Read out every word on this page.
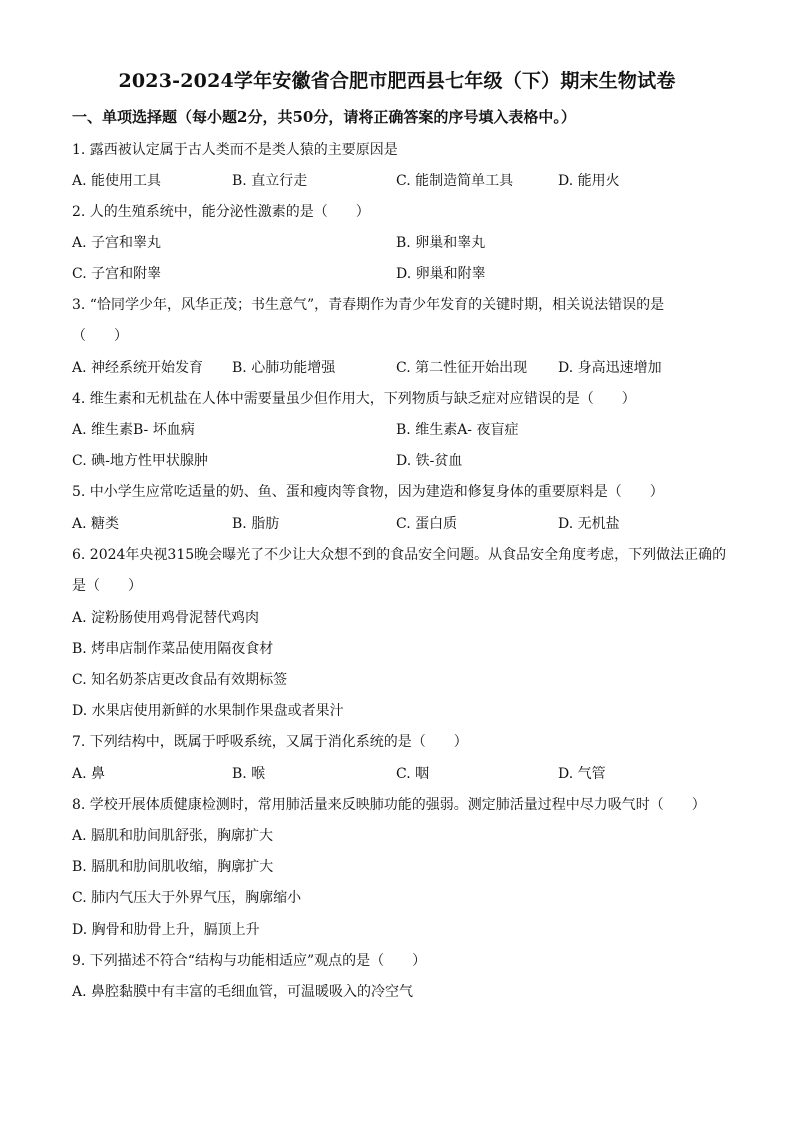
2023-2024学年安徽省合肥市肥西县七年级（下）期末生物试卷
一、单项选择题（每小题2分，共50分，请将正确答案的序号填入表格中。）
1. 露西被认定属于古人类而不是类人猿的主要原因是
A. 能使用工具	B. 直立行走	C. 能制造简单工具	D. 能用火
2. 人的生殖系统中，能分泌性激素的是（　　）
A. 子宫和睾丸	B. 卵巢和睾丸
C. 子宫和附睾	D. 卵巢和附睾
3. “恰同学少年，风华正茂；书生意气”，青春期作为青少年发育的关键时期，相关说法错误的是
（　　）
A. 神经系统开始发育 B. 心肺功能增强	C. 第二性征开始出现 D. 身高迅速增加
4. 维生素和无机盐在人体中需要量虽少但作用大，下列物质与缺乏症对应错误的是（　　）
A. 维生素B- 坏血病	B. 维生素A- 夜盲症
C. 碘-地方性甲状腺肿	D. 铁-贫血
5. 中小学生应常吃适量的奶、鱼、蛋和瘦肉等食物，因为建造和修复身体的重要原料是（　　）
A. 糖类	B. 脂肪	C. 蛋白质	D. 无机盐
6. 2024年央视315晚会曝光了不少让大众想不到的食品安全问题。从食品安全角度考虑，下列做法正确的
是（　　）
A. 淀粉肠使用鸡骨泥替代鸡肉
B. 烤串店制作菜品使用隔夜食材
C. 知名奶茶店更改食品有效期标签
D. 水果店使用新鲜的水果制作果盘或者果汁
7. 下列结构中，既属于呼吸系统，又属于消化系统的是（　　）
A. 鼻	B. 喉	C. 咽	D. 气管
8. 学校开展体质健康检测时，常用肺活量来反映肺功能的强弱。测定肺活量过程中尽力吸气时（　　）
A. 膈肌和肋间肌舒张，胸廓扩大
B. 膈肌和肋间肌收缩，胸廓扩大
C. 肺内气压大于外界气压，胸廓缩小
D. 胸骨和肋骨上升，膈顶上升
9. 下列描述不符合“结构与功能相适应”观点的是（　　）
A. 鼻腔黏膜中有丰富的毛细血管，可温暖吸入的冷空气
